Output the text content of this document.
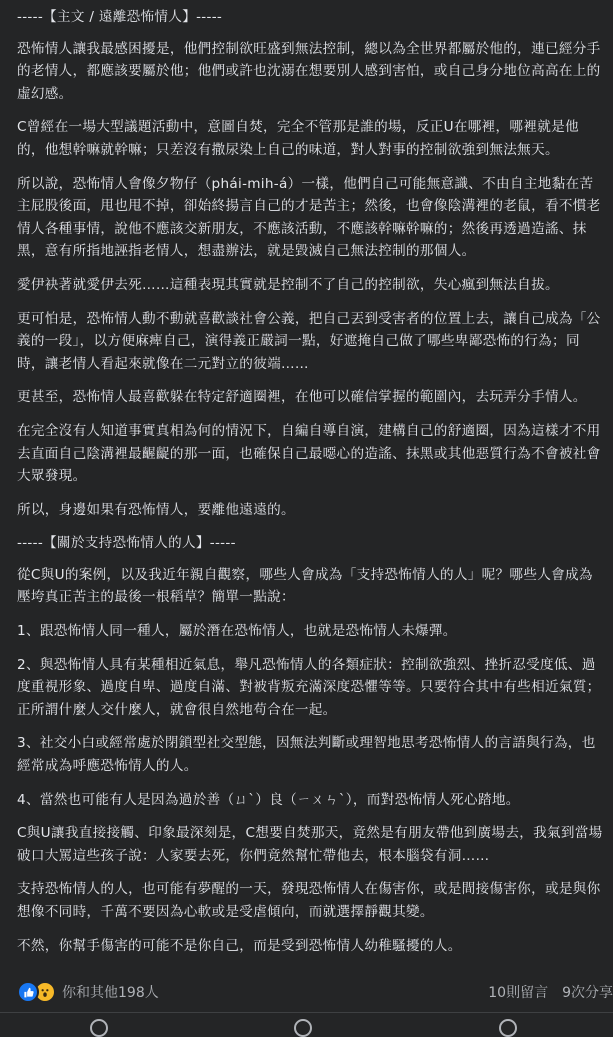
-----【主文 / 遠離恐怖情人】-----

恐怖情人讓我最感困擾是，他們控制欲旺盛到無法控制，總以為全世界都屬於他的，連已經分手的老情人，都應該要屬於他；他們或許也沈溺在想要別人感到害怕，或自己身分地位高高在上的虛幻感。

C曾經在一場大型議題活動中，意圖自焚，完全不管那是誰的場，反正U在哪裡，哪裡就是他的，他想幹嘛就幹嘛；只差沒有撒尿染上自己的味道，對人對事的控制欲強到無法無天。

所以說，恐怖情人會像夕物仔（phái-mih-á）一樣，他們自己可能無意識、不由自主地黏在苦主屁股後面，甩也甩不掉，卻始終揚言自己的才是苦主；然後，也會像陰溝裡的老鼠，看不慣老情人各種事情，說他不應該交新朋友，不應該活動，不應該幹嘛幹嘛的；然後再透過造謠、抹黑，意有所指地誣指老情人，想盡辦法，就是毀滅自己無法控制的那個人。

愛伊袂著就愛伊去死……這種表現其實就是控制不了自己的控制欲，失心瘋到無法自拔。

更可怕是，恐怖情人動不動就喜歡談社會公義，把自己丟到受害者的位置上去，讓自己成為「公義的一段」，以方便麻痺自己，演得義正嚴詞一點，好遮掩自己做了哪些卑鄙恐怖的行為；同時，讓老情人看起來就像在二元對立的彼端……

更甚至，恐怖情人最喜歡躲在特定舒適圈裡，在他可以確信掌握的範圍內，去玩弄分手情人。

在完全沒有人知道事實真相為何的情況下，自編自導自演，建構自己的舒適圈，因為這樣才不用去直面自己陰溝裡最齷齪的那一面，也確保自己最噁心的造謠、抹黑或其他惡質行為不會被社會大眾發現。

所以，身邊如果有恐怖情人，要離他遠遠的。

-----【關於支持恐怖情人的人】-----

從C與U的案例，以及我近年親自觀察，哪些人會成為「支持恐怖情人的人」呢？哪些人會成為壓垮真正苦主的最後一根稻草？簡單一點說：

1、跟恐怖情人同一種人，屬於潛在恐怖情人，也就是恐怖情人未爆彈。

2、與恐怖情人具有某種相近氣息，舉凡恐怖情人的各類症狀：控制欲強烈、挫折忍受度低、過度重視形象、過度自卑、過度自滿、對被背叛充滿深度恐懼等等。只要符合其中有些相近氣質；正所謂什麼人交什麼人，就會很自然地苟合在一起。

3、社交小白或經常處於閉鎖型社交型態，因無法判斷或理智地思考恐怖情人的言語與行為，也經常成為呼應恐怖情人的人。

4、當然也可能有人是因為過於善（ㄩˋ）良（ㄧㄨㄣˋ），而對恐怖情人死心踏地。

C與U讓我直接接觸、印象最深刻是，C想要自焚那天，竟然是有朋友帶他到廣場去，我氣到當場破口大罵這些孩子說：人家要去死，你們竟然幫忙帶他去，根本腦袋有洞……

支持恐怖情人的人，也可能有夢醒的一天，發現恐怖情人在傷害你，或是間接傷害你，或是與你想像不同時，千萬不要因為心軟或是受虐傾向，而就選擇靜觀其變。

不然，你幫手傷害的可能不是你自己，而是受到恐怖情人幼稚騷擾的人。

你和其他198人	10則留言 9次分享
